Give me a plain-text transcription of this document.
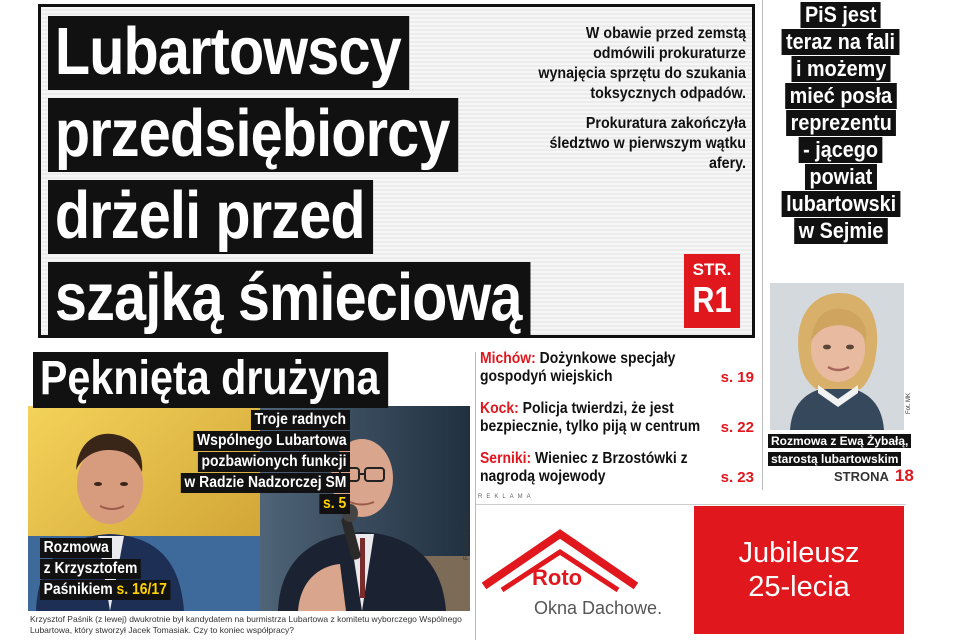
Lubartowscy
przedsiębiorcy
drżeli przed
szajką śmieciową

W obawie przed zemstą odmówili prokuraturze wynajęcia sprzętu do szukania toksycznych odpadów.

Prokuratura zakończyła śledztwo w pierwszym wątku afery.

STR.
R1
PiS jest
teraz na fali
i możemy
mieć posła
reprezentu
- jącego
powiat
lubartowski
w Sejmie
Fot. MK
Rozmowa z Ewą Żybałą,
starostą lubartowskim
STRONA 18
Pęknięta drużyna
Troje radnych
Wspólnego Lubartowa
pozbawionych funkcji
w Radzie Nadzorczej SM
s. 5
Rozmowa
z Krzysztofem
Paśnikiem s. 16/17
Fot. Marek Kozyk
Krzysztof Paśnik (z lewej) dwukrotnie był kandydatem na burmistrza Lubartowa z komitetu wyborczego Wspólnego Lubartowa, który stworzył Jacek Tomasiak. Czy to koniec współpracy?
Michów: Dożynkowe specjały gospodyń wiejskich	s. 19
Kock: Policja twierdzi, że jest bezpiecznie, tylko piją w centrum	s. 22
Serniki: Wieniec z Brzostówki z nagrodą wojewody	s. 23
REKLAMA
Roto
Okna Dachowe.
Jubileusz
25-lecia
